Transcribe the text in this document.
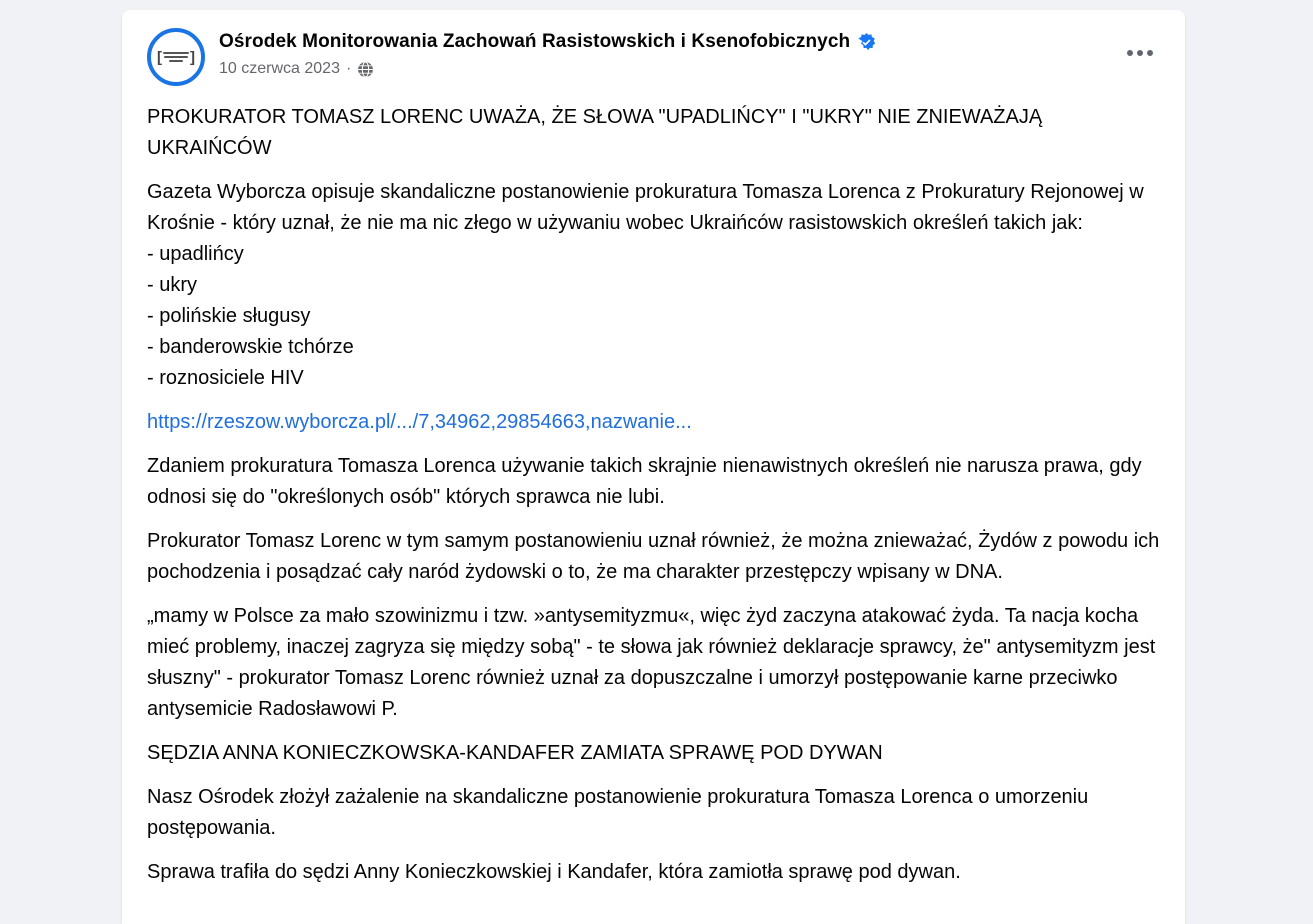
[ ]
Ośrodek Monitorowania Zachowań Rasistowskich i Ksenofobicznych
10 czerwca 2023 ·
PROKURATOR TOMASZ LORENC UWAŻA, ŻE SŁOWA "UPADLIŃCY" I "UKRY" NIE ZNIEWAŻAJĄ UKRAIŃCÓW
Gazeta Wyborcza opisuje skandaliczne postanowienie prokuratura Tomasza Lorenca z Prokuratury Rejonowej w Krośnie - który uznał, że nie ma nic złego w używaniu wobec Ukraińców rasistowskich określeń takich jak:
- upadlińcy
- ukry
- polińskie sługusy
- banderowskie tchórze
- roznosiciele HIV
https://rzeszow.wyborcza.pl/.../7,34962,29854663,nazwanie...
Zdaniem prokuratura Tomasza Lorenca używanie takich skrajnie nienawistnych określeń nie narusza prawa, gdy odnosi się do "określonych osób" których sprawca nie lubi.
Prokurator Tomasz Lorenc w tym samym postanowieniu uznał również, że można znieważać, Żydów z powodu ich pochodzenia i posądzać cały naród żydowski o to, że ma charakter przestępczy wpisany w DNA.
„mamy w Polsce za mało szowinizmu i tzw. »antysemityzmu«, więc żyd zaczyna atakować żyda. Ta nacja kocha mieć problemy, inaczej zagryza się między sobą" - te słowa jak również deklaracje sprawcy, że" antysemityzm jest słuszny" - prokurator Tomasz Lorenc również uznał za dopuszczalne i umorzył postępowanie karne przeciwko antysemicie Radosławowi P.
SĘDZIA ANNA KONIECZKOWSKA-KANDAFER ZAMIATA SPRAWĘ POD DYWAN
Nasz Ośrodek złożył zażalenie na skandaliczne postanowienie prokuratura Tomasza Lorenca o umorzeniu postępowania.
Sprawa trafiła do sędzi Anny Konieczkowskiej i Kandafer, która zamiotła sprawę pod dywan.
